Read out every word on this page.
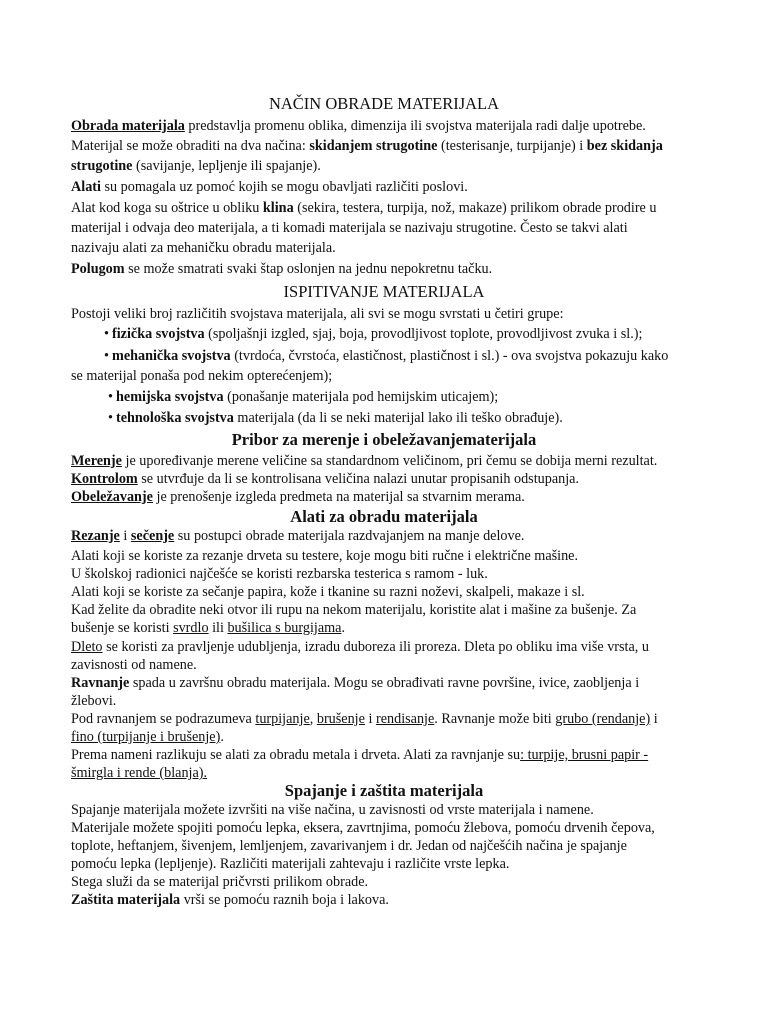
NAČIN OBRADE MATERIJALA
Obrada materijala predstavlja promenu oblika, dimenzija ili svojstva materijala radi dalje upotrebe.
Materijal se može obraditi na dva načina: skidanjem strugotine (testerisanje, turpijanje) i bez skidanja
strugotine (savijanje, lepljenje ili spajanje).
Alati su pomagala uz pomoć kojih se mogu obavljati različiti poslovi.
Alat kod koga su oštrice u obliku klina (sekira, testera, turpija, nož, makaze) prilikom obrade prodire u
materijal i odvaja deo materijala, a ti komadi materijala se nazivaju strugotine. Često se takvi alati
nazivaju alati za mehaničku obradu materijala.
Polugom se može smatrati svaki štap oslonjen na jednu nepokretnu tačku.
ISPITIVANJE MATERIJALA
Postoji veliki broj različitih svojstava materijala, ali svi se mogu svrstati u četiri grupe:
• fizička svojstva (spoljašnji izgled, sjaj, boja, provodljivost toplote, provodljivost zvuka i sl.);
• mehanička svojstva (tvrdoća, čvrstoća, elastičnost, plastičnost i sl.) - ova svojstva pokazuju kako
se materijal ponaša pod nekim opterećenjem);
• hemijska svojstva (ponašanje materijala pod hemijskim uticajem);
• tehnološka svojstva materijala (da li se neki materijal lako ili teško obrađuje).
Pribor za merenje i obeležavanjematerijala
Merenje je upoređivanje merene veličine sa standardnom veličinom, pri čemu se dobija merni rezultat.
Kontrolom se utvrđuje da li se kontrolisana veličina nalazi unutar propisanih odstupanja.
Obeležavanje je prenošenje izgleda predmeta na materijal sa stvarnim merama.
Alati za obradu materijala
Rezanje i sečenje su postupci obrade materijala razdvajanjem na manje delove.
Alati koji se koriste za rezanje drveta su testere, koje mogu biti ručne i električne mašine.
U školskoj radionici najčešće se koristi rezbarska testerica s ramom - luk.
Alati koji se koriste za sečanje papira, kože i tkanine su razni noževi, skalpeli, makaze i sl.
Kad želite da obradite neki otvor ili rupu na nekom materijalu, koristite alat i mašine za bušenje. Za
bušenje se koristi svrdlo ili bušilica s burgijama.
Dleto se koristi za pravljenje udubljenja, izradu duboreza ili proreza. Dleta po obliku ima više vrsta, u
zavisnosti od namene.
Ravnanje spada u završnu obradu materijala. Mogu se obrađivati ravne površine, ivice, zaobljenja i
žlebovi.
Pod ravnanjem se podrazumeva turpijanje, brušenje i rendisanje. Ravnanje može biti grubo (rendanje) i
fino (turpijanje i brušenje).
Prema nameni razlikuju se alati za obradu metala i drveta. Alati za ravnjanje su: turpije, brusni papir -
šmirgla i rende (blanja).
Spajanje i zaštita materijala
Spajanje materijala možete izvršiti na više načina, u zavisnosti od vrste materijala i namene.
Materijale možete spojiti pomoću lepka, eksera, zavrtnjima, pomoću žlebova, pomoću drvenih čepova,
toplote, heftanjem, šivenjem, lemljenjem, zavarivanjem i dr. Jedan od najčešćih načina je spajanje
pomoću lepka (lepljenje). Različiti materijali zahtevaju i različite vrste lepka.
Stega služi da se materijal pričvrsti prilikom obrade.
Zaštita materijala vrši se pomoću raznih boja i lakova.
